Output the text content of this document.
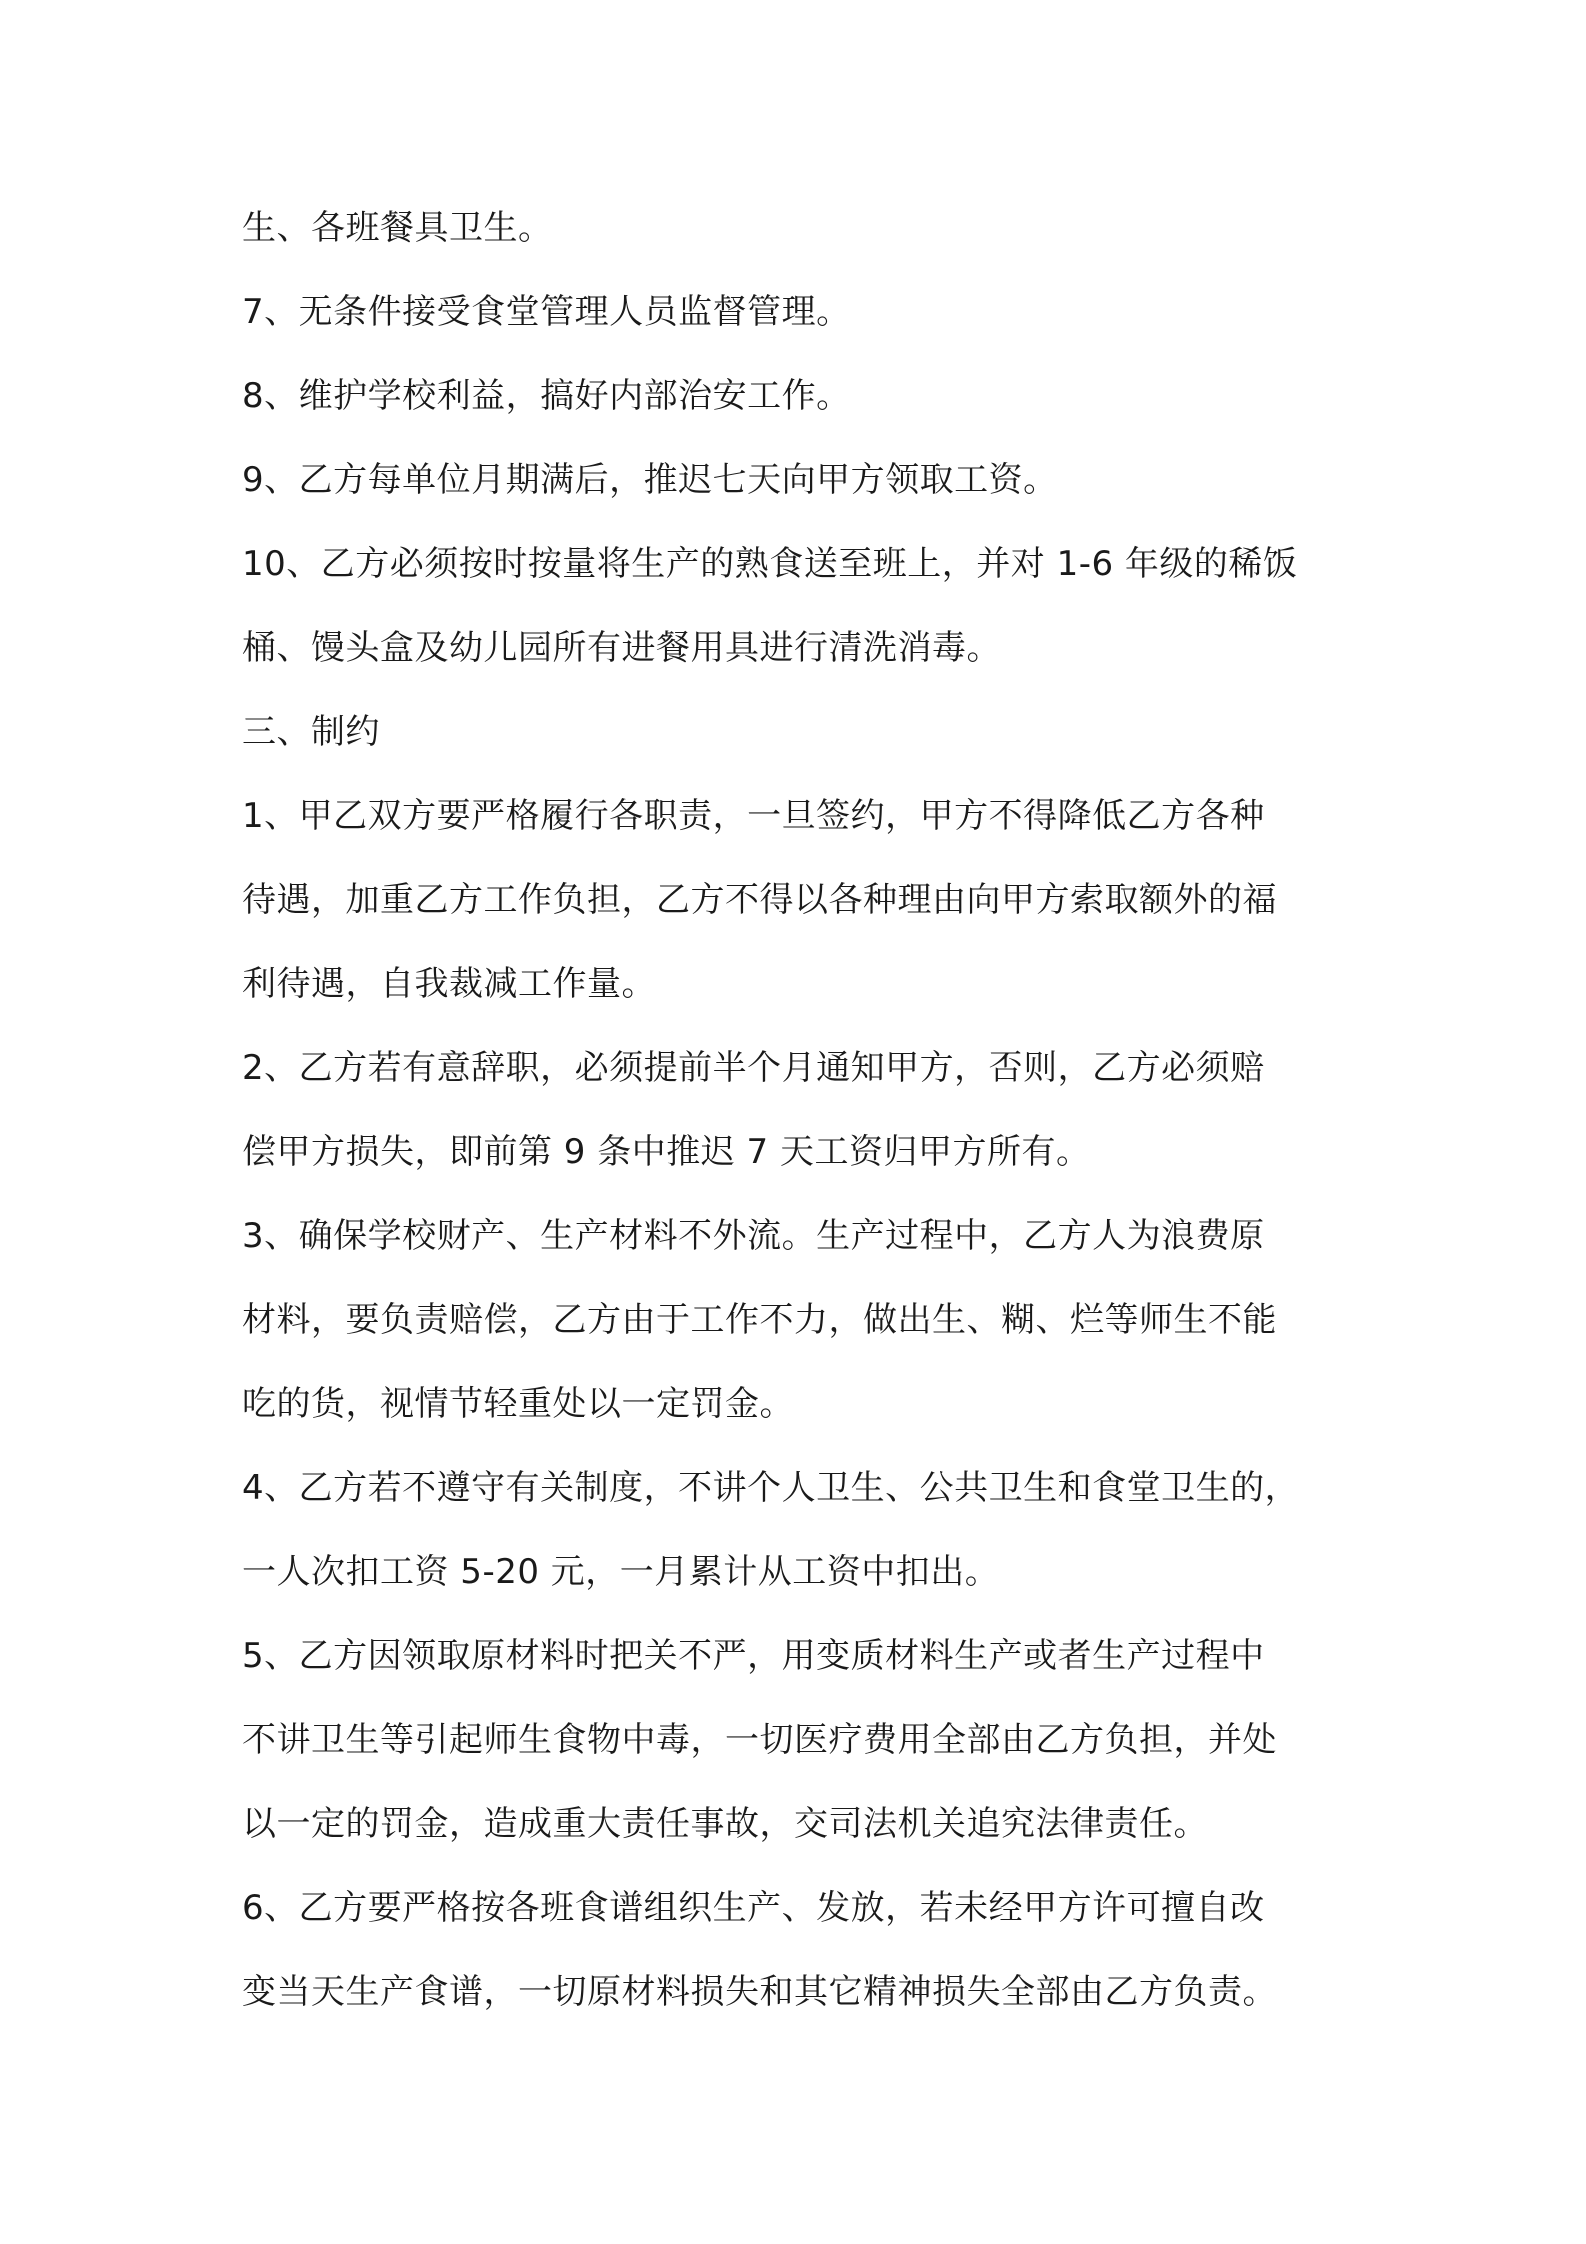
生、各班餐具卫生。

7、无条件接受食堂管理人员监督管理。

8、维护学校利益，搞好内部治安工作。

9、乙方每单位月期满后，推迟七天向甲方领取工资。

10、乙方必须按时按量将生产的熟食送至班上，并对 1-6 年级的稀饭
桶、馒头盒及幼儿园所有进餐用具进行清洗消毒。

三、制约

1、甲乙双方要严格履行各职责，一旦签约，甲方不得降低乙方各种
待遇，加重乙方工作负担，乙方不得以各种理由向甲方索取额外的福
利待遇，自我裁减工作量。

2、乙方若有意辞职，必须提前半个月通知甲方，否则，乙方必须赔
偿甲方损失，即前第 9 条中推迟 7 天工资归甲方所有。

3、确保学校财产、生产材料不外流。生产过程中，乙方人为浪费原
材料，要负责赔偿，乙方由于工作不力，做出生、糊、烂等师生不能
吃的货，视情节轻重处以一定罚金。

4、乙方若不遵守有关制度，不讲个人卫生、公共卫生和食堂卫生的，
一人次扣工资 5-20 元，一月累计从工资中扣出。

5、乙方因领取原材料时把关不严，用变质材料生产或者生产过程中
不讲卫生等引起师生食物中毒，一切医疗费用全部由乙方负担，并处
以一定的罚金，造成重大责任事故，交司法机关追究法律责任。

6、乙方要严格按各班食谱组织生产、发放，若未经甲方许可擅自改
变当天生产食谱，一切原材料损失和其它精神损失全部由乙方负责。
